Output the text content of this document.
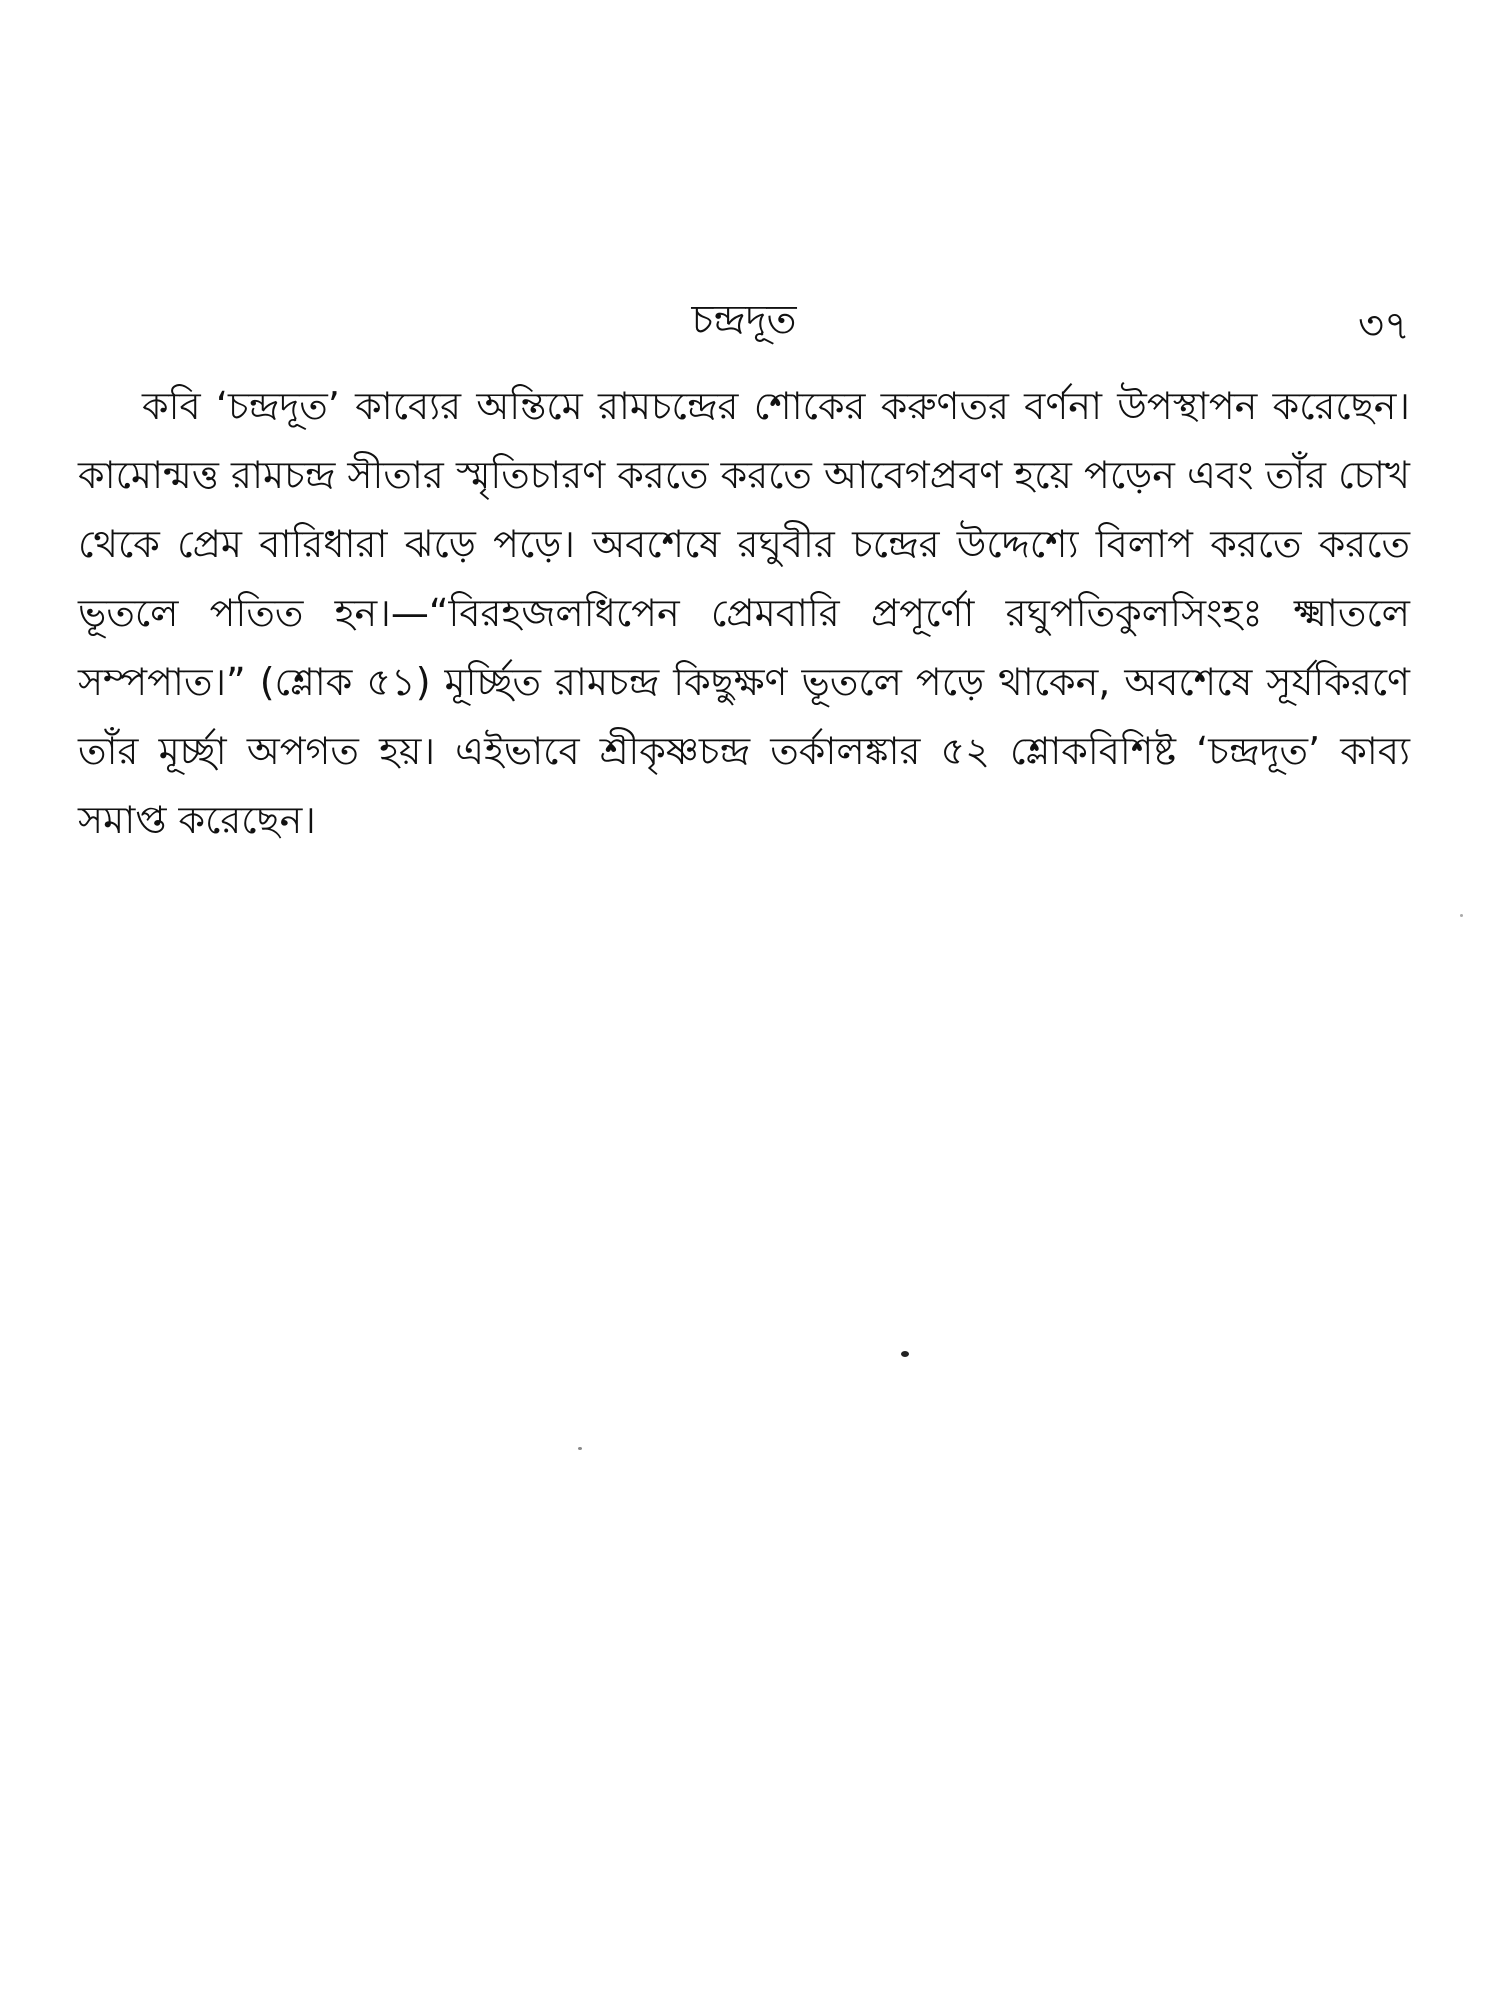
চন্দ্রদূত	৩৭

কবি ‘চন্দ্রদূত’ কাব্যের অন্তিমে রামচন্দ্রের শোকের করুণতর বর্ণনা উপস্থাপন করেছেন। কামোন্মত্ত রামচন্দ্র সীতার স্মৃতিচারণ করতে করতে আবেগপ্রবণ হয়ে পড়েন এবং তাঁর চোখ থেকে প্রেম বারিধারা ঝড়ে পড়ে। অবশেষে রঘুবীর চন্দ্রের উদ্দেশ্যে বিলাপ করতে করতে ভূতলে পতিত হন।—“বিরহজলধিপেন প্রেমবারি প্রপূর্ণো রঘুপতিকুলসিংহঃ ক্ষ্মাতলে সম্পপাত।” (শ্লোক ৫১) মূর্চ্ছিত রামচন্দ্র কিছুক্ষণ ভূতলে পড়ে থাকেন, অবশেষে সূর্যকিরণে তাঁর মূর্চ্ছা অপগত হয়। এইভাবে শ্রীকৃষ্ণচন্দ্র তর্কালঙ্কার ৫২ শ্লোকবিশিষ্ট ‘চন্দ্রদূত’ কাব্য সমাপ্ত করেছেন।
